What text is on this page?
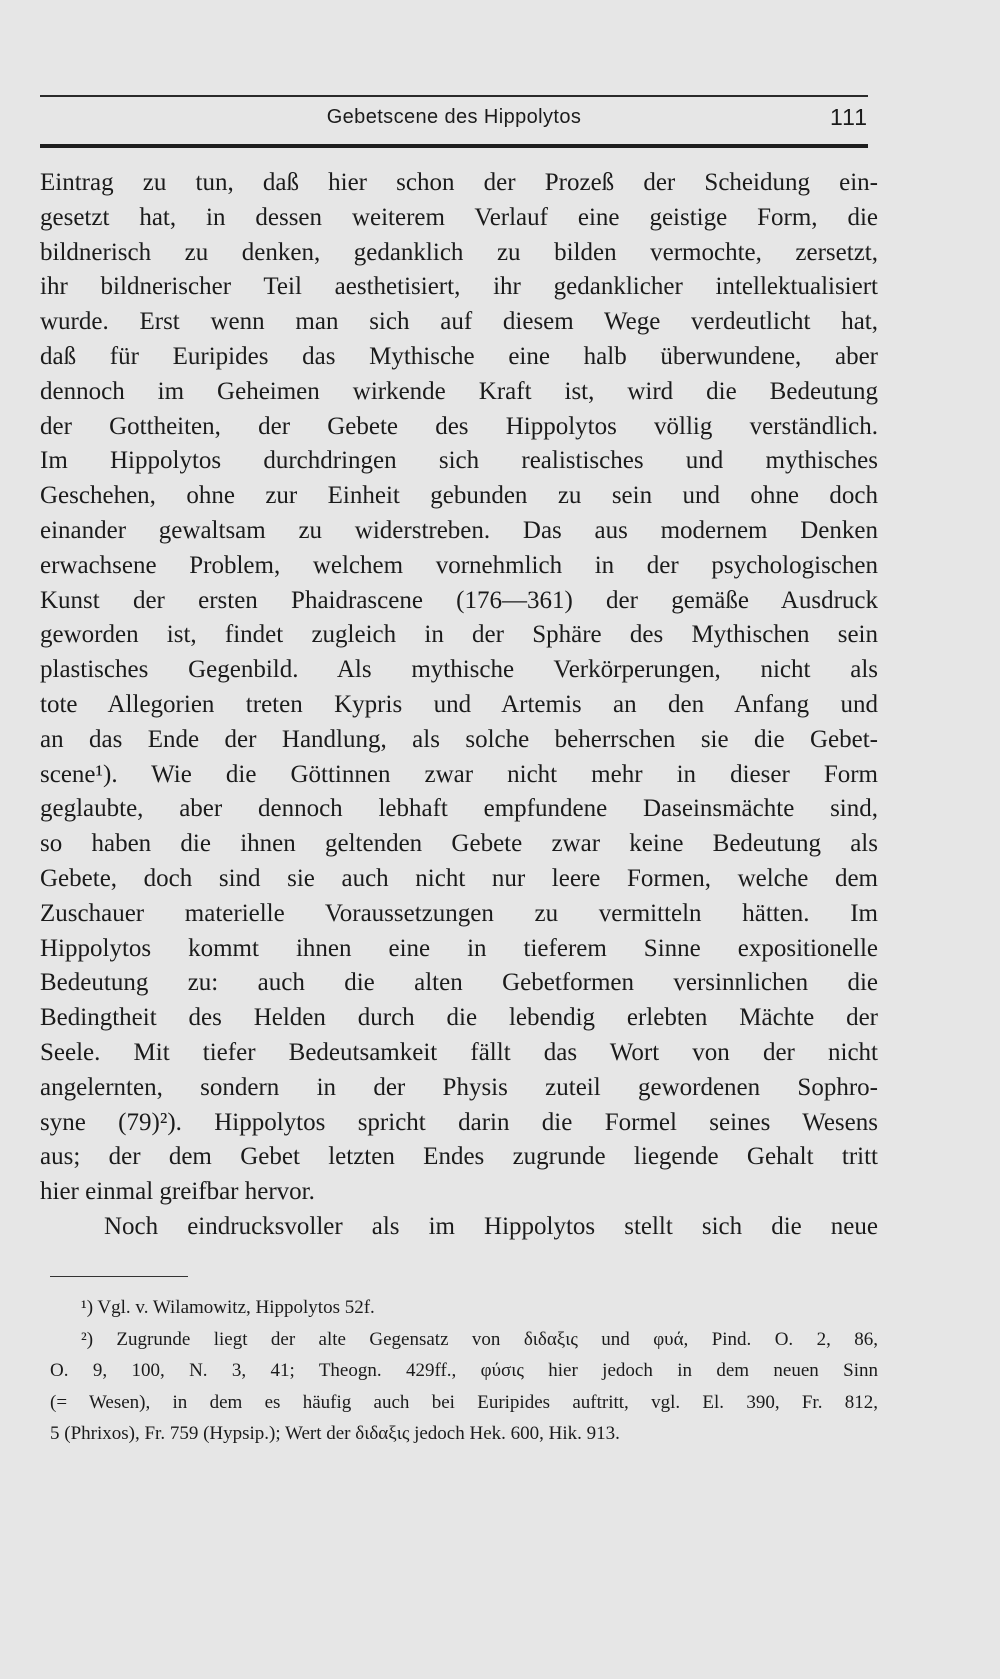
Gebetscene des Hippolytos	111
Eintrag zu tun, daß hier schon der Prozeß der Scheidung ein-
gesetzt hat, in dessen weiterem Verlauf eine geistige Form, die
bildnerisch zu denken, gedanklich zu bilden vermochte, zersetzt,
ihr bildnerischer Teil aesthetisiert, ihr gedanklicher intellektualisiert
wurde. Erst wenn man sich auf diesem Wege verdeutlicht hat,
daß für Euripides das Mythische eine halb überwundene, aber
dennoch im Geheimen wirkende Kraft ist, wird die Bedeutung
der Gottheiten, der Gebete des Hippolytos völlig verständlich.
Im Hippolytos durchdringen sich realistisches und mythisches
Geschehen, ohne zur Einheit gebunden zu sein und ohne doch
einander gewaltsam zu widerstreben. Das aus modernem Denken
erwachsene Problem, welchem vornehmlich in der psychologischen
Kunst der ersten Phaidrascene (176—361) der gemäße Ausdruck
geworden ist, findet zugleich in der Sphäre des Mythischen sein
plastisches Gegenbild. Als mythische Verkörperungen, nicht als
tote Allegorien treten Kypris und Artemis an den Anfang und
an das Ende der Handlung, als solche beherrschen sie die Gebet-
scene¹). Wie die Göttinnen zwar nicht mehr in dieser Form
geglaubte, aber dennoch lebhaft empfundene Daseinsmächte sind,
so haben die ihnen geltenden Gebete zwar keine Bedeutung als
Gebete, doch sind sie auch nicht nur leere Formen, welche dem
Zuschauer materielle Voraussetzungen zu vermitteln hätten. Im
Hippolytos kommt ihnen eine in tieferem Sinne expositionelle
Bedeutung zu: auch die alten Gebetformen versinnlichen die
Bedingtheit des Helden durch die lebendig erlebten Mächte der
Seele. Mit tiefer Bedeutsamkeit fällt das Wort von der nicht
angelernten, sondern in der Physis zuteil gewordenen Sophro-
syne (79)²). Hippolytos spricht darin die Formel seines Wesens
aus; der dem Gebet letzten Endes zugrunde liegende Gehalt tritt
hier einmal greifbar hervor.
Noch eindrucksvoller als im Hippolytos stellt sich die neue
¹) Vgl. v. Wilamowitz, Hippolytos 52f.
²) Zugrunde liegt der alte Gegensatz von διδαξις und φυά, Pind. O. 2, 86,
O. 9, 100, N. 3, 41; Theogn. 429ff., φύσις hier jedoch in dem neuen Sinn
(= Wesen), in dem es häufig auch bei Euripides auftritt, vgl. El. 390, Fr. 812,
5 (Phrixos), Fr. 759 (Hypsip.); Wert der διδαξις jedoch Hek. 600, Hik. 913.
